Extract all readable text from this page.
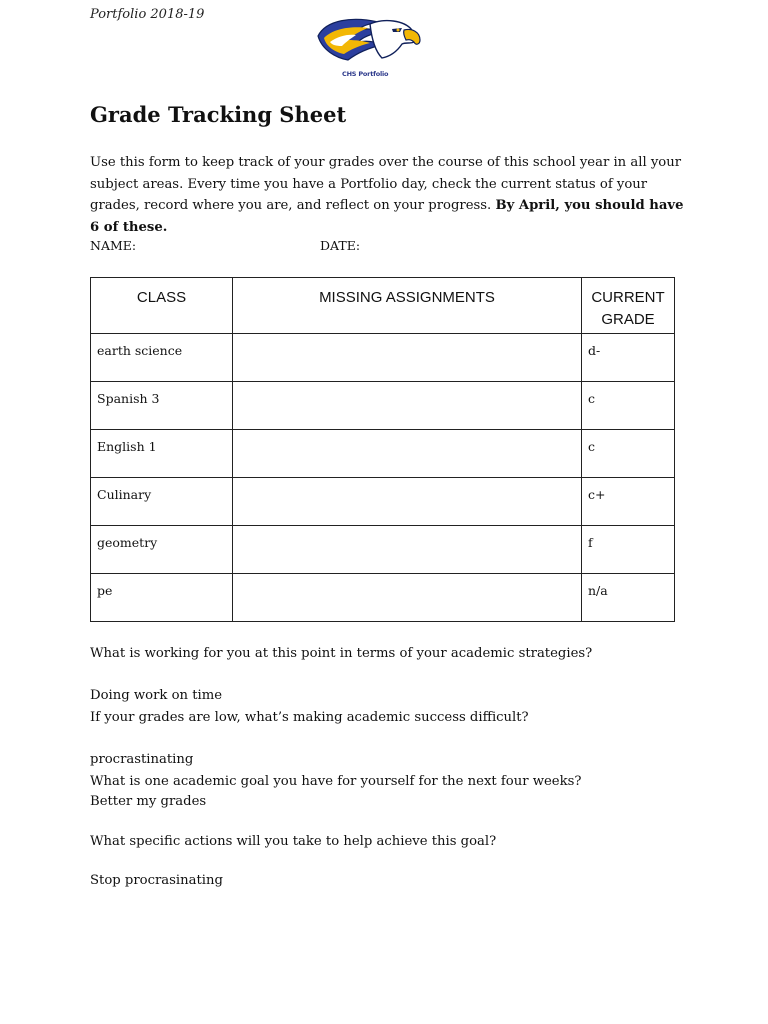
Portfolio 2018-19
CHS Portfolio
Grade Tracking Sheet
Use this form to keep track of your grades over the course of this school year in all your subject areas. Every time you have a Portfolio day, check the current status of your grades, record where you are, and reflect on your progress. By April, you should have 6 of these.
NAME:	DATE:
CLASS	MISSING ASSIGNMENTS	CURRENT GRADE
earth science		d-
Spanish 3		c
English 1		c
Culinary		c+
geometry		f
pe		n/a
What is working for you at this point in terms of your academic strategies?
Doing work on time
If your grades are low, what’s making academic success difficult?
procrastinating
What is one academic goal you have for yourself for the next four weeks?
Better my grades
What specific actions will you take to help achieve this goal?
Stop procrasinating
